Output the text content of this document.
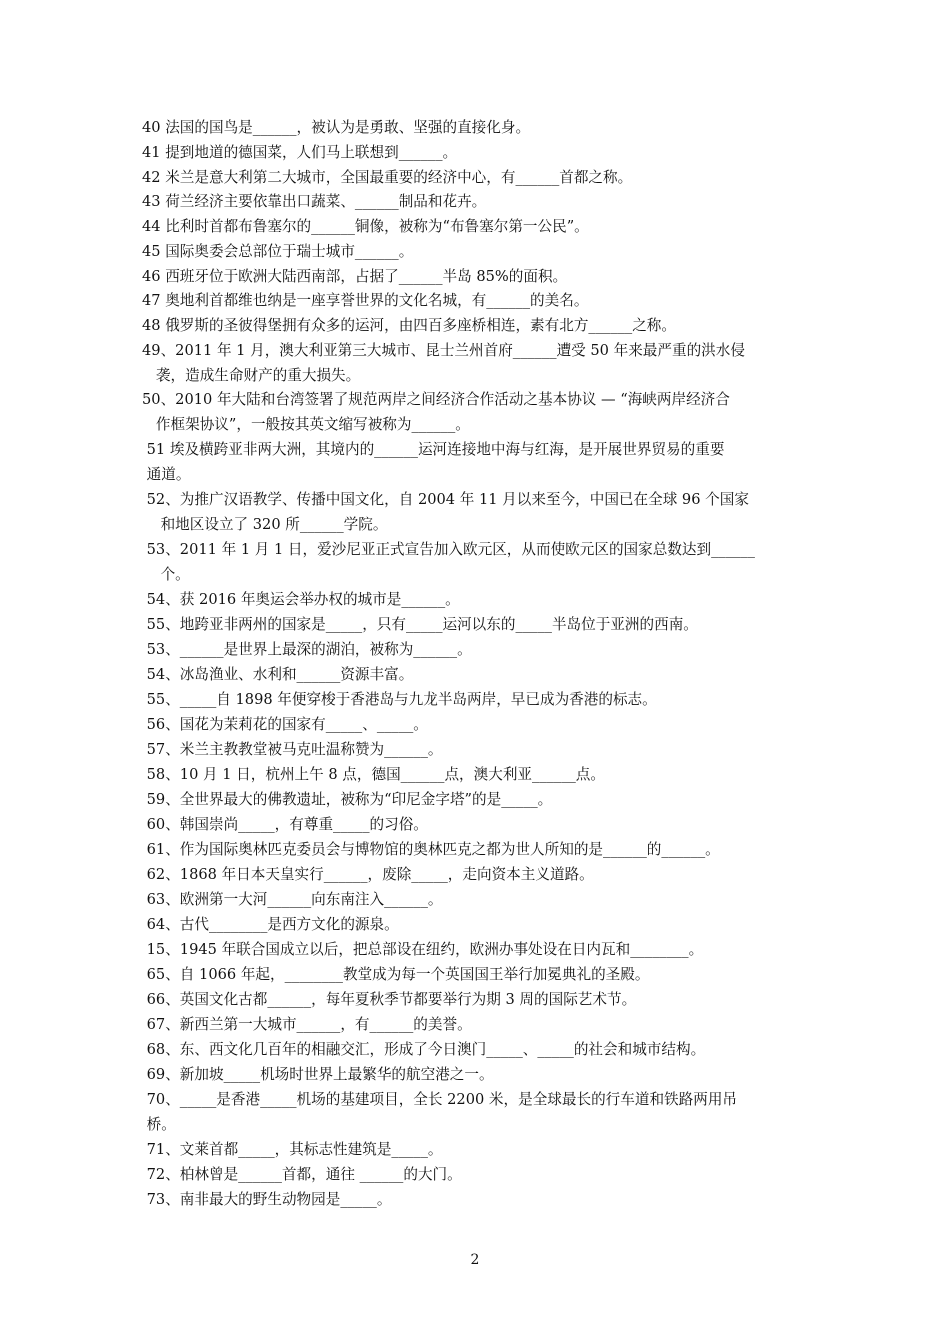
40 法国的国鸟是______，被认为是勇敢、坚强的直接化身。
41 提到地道的德国菜，人们马上联想到______。
42 米兰是意大利第二大城市，全国最重要的经济中心，有______首都之称。
43 荷兰经济主要依靠出口蔬菜、______制品和花卉。
44 比利时首都布鲁塞尔的______铜像，被称为“布鲁塞尔第一公民”。
45 国际奥委会总部位于瑞士城市______。
46 西班牙位于欧洲大陆西南部，占据了______半岛 85%的面积。
47 奥地利首都维也纳是一座享誉世界的文化名城，有______的美名。
48 俄罗斯的圣彼得堡拥有众多的运河，由四百多座桥相连，素有北方______之称。
49、2011 年 1 月，澳大利亚第三大城市、昆士兰州首府______遭受 50 年来最严重的洪水侵
袭，造成生命财产的重大损失。
50、2010 年大陆和台湾签署了规范两岸之间经济合作活动之基本协议 — “海峡两岸经济合
作框架协议”，一般按其英文缩写被称为______。
51 埃及横跨亚非两大洲，其境内的______运河连接地中海与红海，是开展世界贸易的重要
通道。
52、为推广汉语教学、传播中国文化，自 2004 年 11 月以来至今，中国已在全球 96 个国家
和地区设立了 320 所______学院。
53、2011 年 1 月 1 日，爱沙尼亚正式宣告加入欧元区，从而使欧元区的国家总数达到______
个。
54、获 2016 年奥运会举办权的城市是______。
55、地跨亚非两州的国家是_____，只有_____运河以东的_____半岛位于亚洲的西南。
53、______是世界上最深的湖泊，被称为______。
54、冰岛渔业、水利和______资源丰富。
55、_____自 1898 年便穿梭于香港岛与九龙半岛两岸，早已成为香港的标志。
56、国花为茉莉花的国家有_____、_____。
57、米兰主教教堂被马克吐温称赞为______。
58、10 月 1 日，杭州上午 8 点，德国______点，澳大利亚______点。
59、全世界最大的佛教遗址，被称为“印尼金字塔”的是_____。
60、韩国崇尚_____，有尊重_____的习俗。
61、作为国际奥林匹克委员会与博物馆的奥林匹克之都为世人所知的是______的______。
62、1868 年日本天皇实行______，废除_____，走向资本主义道路。
63、欧洲第一大河______向东南注入______。
64、古代________是西方文化的源泉。
15、1945 年联合国成立以后，把总部设在纽约，欧洲办事处设在日内瓦和________。
65、自 1066 年起，________教堂成为每一个英国国王举行加冕典礼的圣殿。
66、英国文化古都______，每年夏秋季节都要举行为期 3 周的国际艺术节。
67、新西兰第一大城市______，有______的美誉。
68、东、西文化几百年的相融交汇，形成了今日澳门_____、_____的社会和城市结构。
69、新加坡_____机场时世界上最繁华的航空港之一。
70、_____是香港_____机场的基建项目，全长 2200 米，是全球最长的行车道和铁路两用吊
桥。
71、文莱首都_____，其标志性建筑是_____。
72、柏林曾是______首都，通往 ______的大门。
73、南非最大的野生动物园是_____。
2
